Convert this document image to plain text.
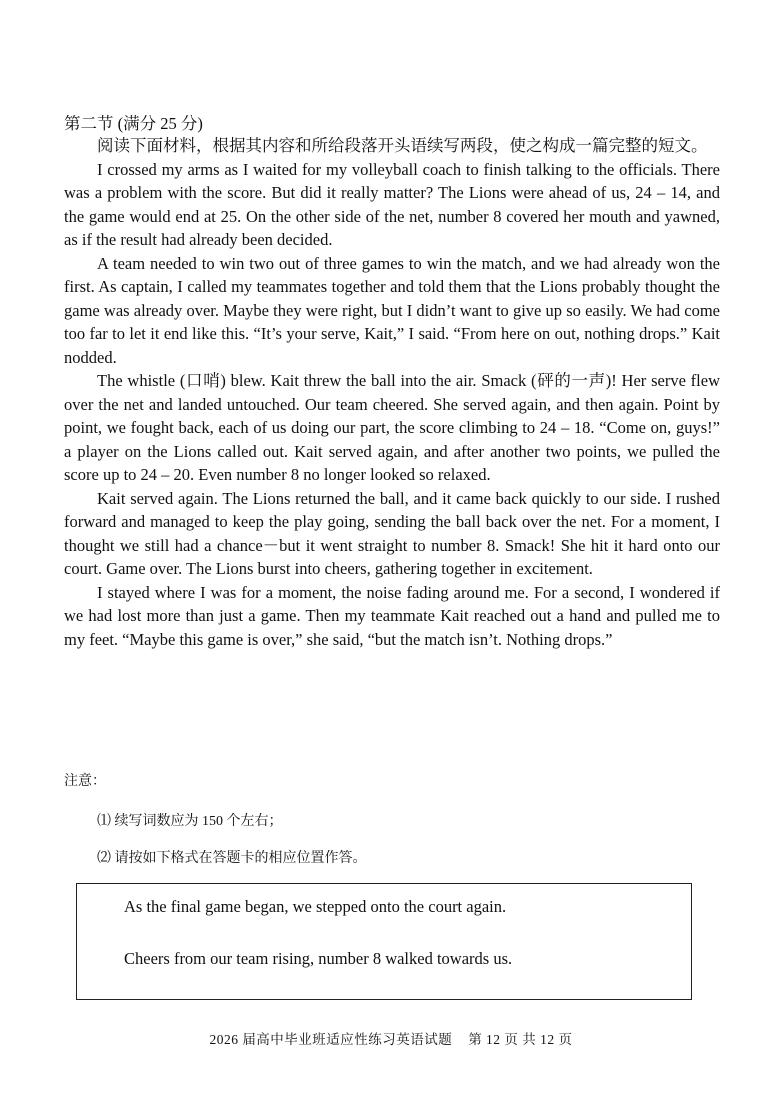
第二节 (满分 25 分)

阅读下面材料，根据其内容和所给段落开头语续写两段，使之构成一篇完整的短文。

I crossed my arms as I waited for my volleyball coach to finish talking to the officials. There was a problem with the score. But did it really matter? The Lions were ahead of us, 24 – 14, and the game would end at 25. On the other side of the net, number 8 covered her mouth and yawned, as if the result had already been decided.

A team needed to win two out of three games to win the match, and we had already won the first. As captain, I called my teammates together and told them that the Lions probably thought the game was already over. Maybe they were right, but I didn’t want to give up so easily. We had come too far to let it end like this. “It’s your serve, Kait,” I said. “From here on out, nothing drops.” Kait nodded.

The whistle (口哨) blew. Kait threw the ball into the air. Smack (砰的一声)! Her serve flew over the net and landed untouched. Our team cheered. She served again, and then again. Point by point, we fought back, each of us doing our part, the score climbing to 24 – 18. “Come on, guys!” a player on the Lions called out. Kait served again, and after another two points, we pulled the score up to 24 – 20. Even number 8 no longer looked so relaxed.

Kait served again. The Lions returned the ball, and it came back quickly to our side. I rushed forward and managed to keep the play going, sending the ball back over the net. For a moment, I thought we still had a chance－but it went straight to number 8. Smack! She hit it hard onto our court. Game over. The Lions burst into cheers, gathering together in excitement.

I stayed where I was for a moment, the noise fading around me. For a second, I wondered if we had lost more than just a game. Then my teammate Kait reached out a hand and pulled me to my feet. “Maybe this game is over,” she said, “but the match isn’t. Nothing drops.”

注意：
⑴ 续写词数应为 150 个左右；
⑵ 请按如下格式在答题卡的相应位置作答。
As the final game began, we stepped onto the court again.
Cheers from our team rising, number 8 walked towards us.
2026 届高中毕业班适应性练习英语试题 第 12 页 共 12 页
